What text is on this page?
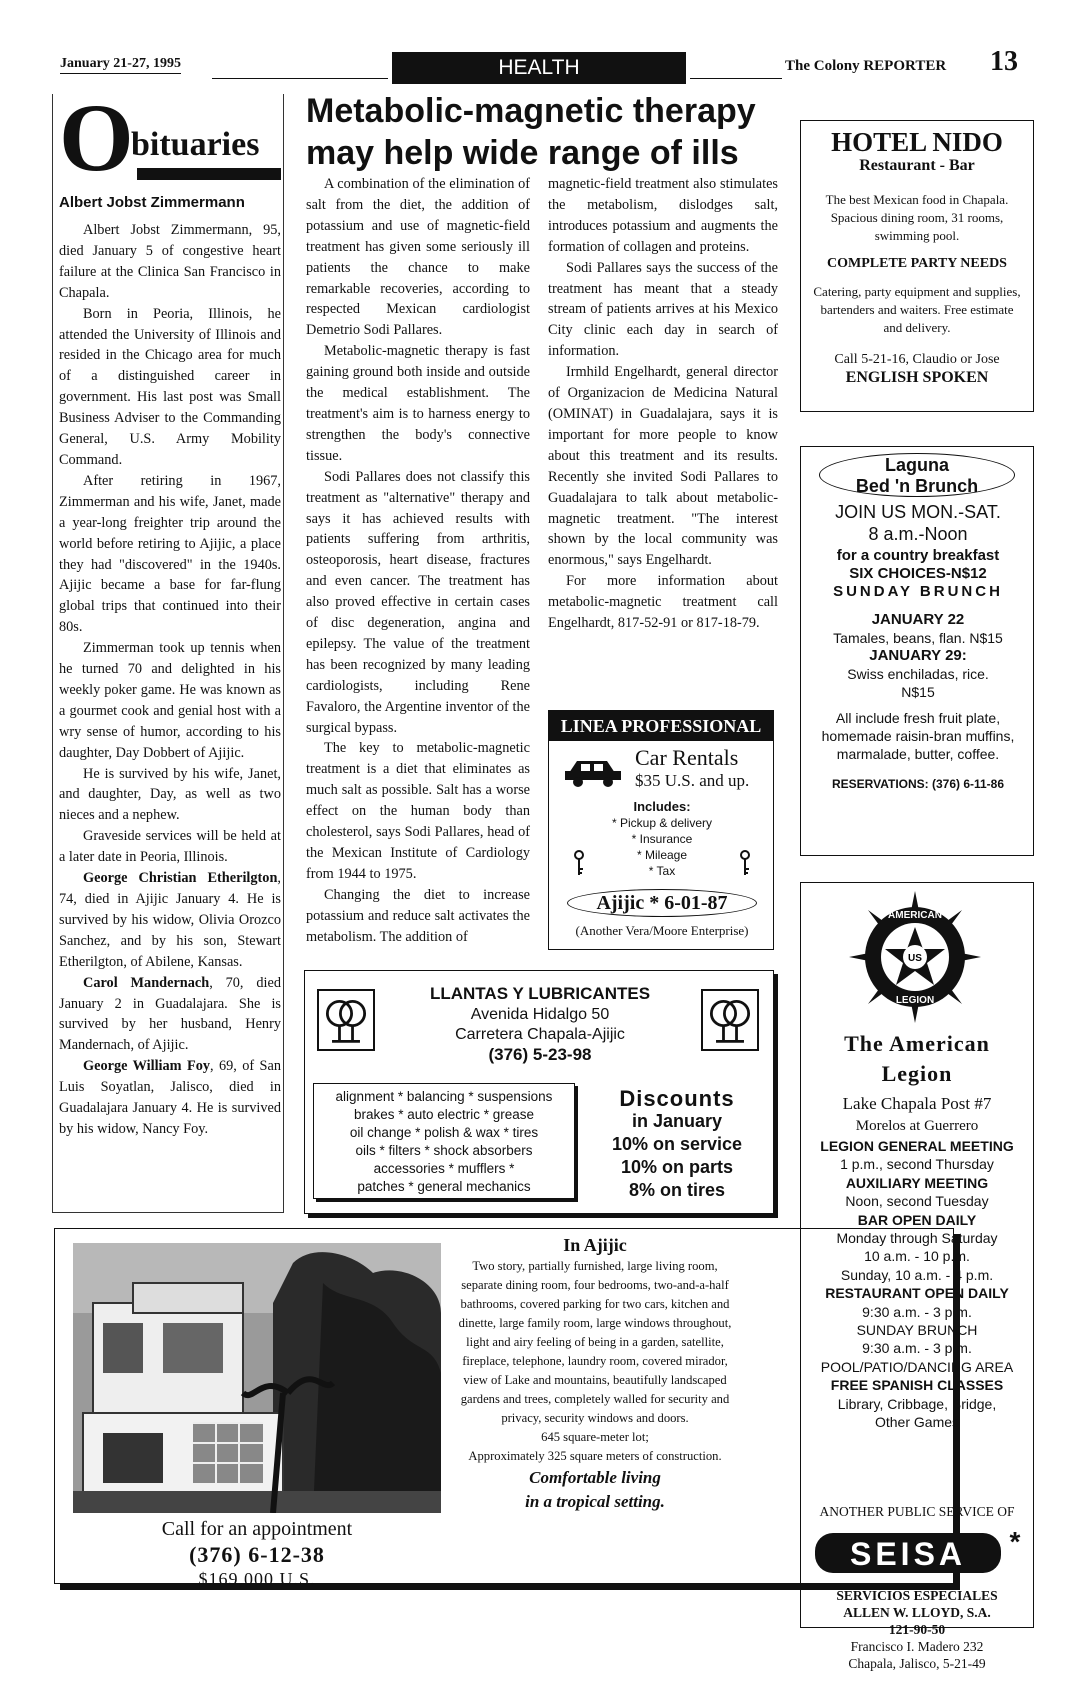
January 21-27, 1995	HEALTH	The Colony REPORTER 13
O
bituaries
Albert Jobst Zimmermann

Albert Jobst Zimmermann, 95, died January 5 of congestive heart failure at the Clinica San Francisco in Chapala.

Born in Peoria, Illinois, he attended the University of Illinois and resided in the Chicago area for much of a distinguished career in government. His last post was Small Business Adviser to the Commanding General, U.S. Army Mobility Command.

After retiring in 1967, Zimmerman and his wife, Janet, made a year-long freighter trip around the world before retiring to Ajijic, a place they had "discovered" in the 1940s. Ajijic became a base for far-flung global trips that continued into their 80s.

Zimmerman took up tennis when he turned 70 and delighted in his weekly poker game. He was known as a gourmet cook and genial host with a wry sense of humor, according to his daughter, Day Dobbert of Ajijic.

He is survived by his wife, Janet, and daughter, Day, as well as two nieces and a nephew.

Graveside services will be held at a later date in Peoria, Illinois.

George Christian Etherilgton, 74, died in Ajijic January 4. He is survived by his widow, Olivia Orozco Sanchez, and by his son, Stewart Etherilgton, of Abilene, Kansas.

Carol Mandernach, 70, died January 2 in Guadalajara. She is survived by her husband, Henry Mandernach, of Ajijic.

George William Foy, 69, of San Luis Soyatlan, Jalisco, died in Guadalajara January 4. He is survived by his widow, Nancy Foy.

Metabolic-magnetic therapy may help wide range of ills

A combination of the elimination of salt from the diet, the addition of potassium and use of magnetic-field treatment has given some seriously ill patients the chance to make remarkable recoveries, according to respected Mexican cardiologist Demetrio Sodi Pallares.

Metabolic-magnetic therapy is fast gaining ground both inside and outside the medical establishment. The treatment's aim is to harness energy to strengthen the body's connective tissue.

Sodi Pallares does not classify this treatment as "alternative" therapy and says it has achieved results with patients suffering from arthritis, osteoporosis, heart disease, fractures and even cancer. The treatment has also proved effective in certain cases of disc degeneration, angina and epilepsy. The value of the treatment has been recognized by many leading cardiologists, including Rene Favaloro, the Argentine inventor of the surgical bypass.

The key to metabolic-magnetic treatment is a diet that eliminates as much salt as possible. Salt has a worse effect on the human body than cholesterol, says Sodi Pallares, head of the Mexican Institute of Cardiology from 1944 to 1975.

Changing the diet to increase potassium and reduce salt activates the metabolism. The addition of

magnetic-field treatment also stimulates the metabolism, dislodges salt, introduces potassium and augments the formation of collagen and proteins.

Sodi Pallares says the success of the treatment has meant that a steady stream of patients arrives at his Mexico City clinic each day in search of information.

Irmhild Engelhardt, general director of Organizacion de Medicina Natural (OMINAT) in Guadalajara, says it is important for more people to know about this treatment and its results. Recently she invited Sodi Pallares to Guadalajara to talk about metabolic-magnetic treatment. "The interest shown by the local community was enormous," says Engelhardt.

For more information about metabolic-magnetic treatment call Engelhardt, 817-52-91 or 817-18-79.

HOTEL NIDO
Restaurant - Bar
The best Mexican food in Chapala. Spacious dining room, 31 rooms, swimming pool.
COMPLETE PARTY NEEDS
Catering, party equipment and supplies, bartenders and waiters. Free estimate and delivery.
Call 5-21-16, Claudio or Jose
ENGLISH SPOKEN
Laguna
Bed 'n Brunch
JOIN US MON.-SAT.
8 a.m.-Noon
for a country breakfast
SIX CHOICES-N$12
SUNDAY BRUNCH
JANUARY 22
Tamales, beans, flan. N$15
JANUARY 29:
Swiss enchiladas, rice. N$15
All include fresh fruit plate, homemade raisin-bran muffins, marmalade, butter, coffee.
RESERVATIONS: (376) 6-11-86
LINEA PROFESSIONAL
Car Rentals
$35 U.S. and up.
Includes:
* Pickup & delivery
* Insurance
* Mileage
* Tax
Ajijic * 6-01-87
(Another Vera/Moore Enterprise)
LLANTAS Y LUBRICANTES
Avenida Hidalgo 50
Carretera Chapala-Ajijic
(376) 5-23-98
alignment * balancing * suspensions
brakes * auto electric * grease
oil change * polish & wax * tires
oils * filters * shock absorbers
accessories * mufflers *
patches * general mechanics
Discounts
in January
10% on service
10% on parts
8% on tires
Call for an appointment
(376) 6-12-38
$169,000 U.S.
In Ajijic
Two story, partially furnished, large living room, separate dining room, four bedrooms, two-and-a-half bathrooms, covered parking for two cars, kitchen and dinette, large family room, large windows throughout, light and airy feeling of being in a garden, satellite, fireplace, telephone, laundry room, covered mirador, view of Lake and mountains, beautifully landscaped gardens and trees, completely walled for security and privacy, security windows and doors.
645 square-meter lot;
Approximately 325 square meters of construction.
Comfortable living
in a tropical setting.
US
AMERICAN
LEGION
The American
Legion
Lake Chapala Post #7
Morelos at Guerrero
LEGION GENERAL MEETING
1 p.m., second Thursday
AUXILIARY MEETING
Noon, second Tuesday
BAR OPEN DAILY
Monday through Saturday
10 a.m. - 10 p.m.
Sunday, 10 a.m. - 4 p.m.
RESTAURANT OPEN DAILY
9:30 a.m. - 3 p.m.
SUNDAY BRUNCH
9:30 a.m. - 3 p.m.
POOL/PATIO/DANCING AREA
FREE SPANISH CLASSES
Library, Cribbage, Bridge,
Other Games
ANOTHER PUBLIC SERVICE OF
SEISA *
SERVICIOS ESPECIALES
ALLEN W. LLOYD, S.A.
121-90-50
Francisco I. Madero 232
Chapala, Jalisco, 5-21-49
